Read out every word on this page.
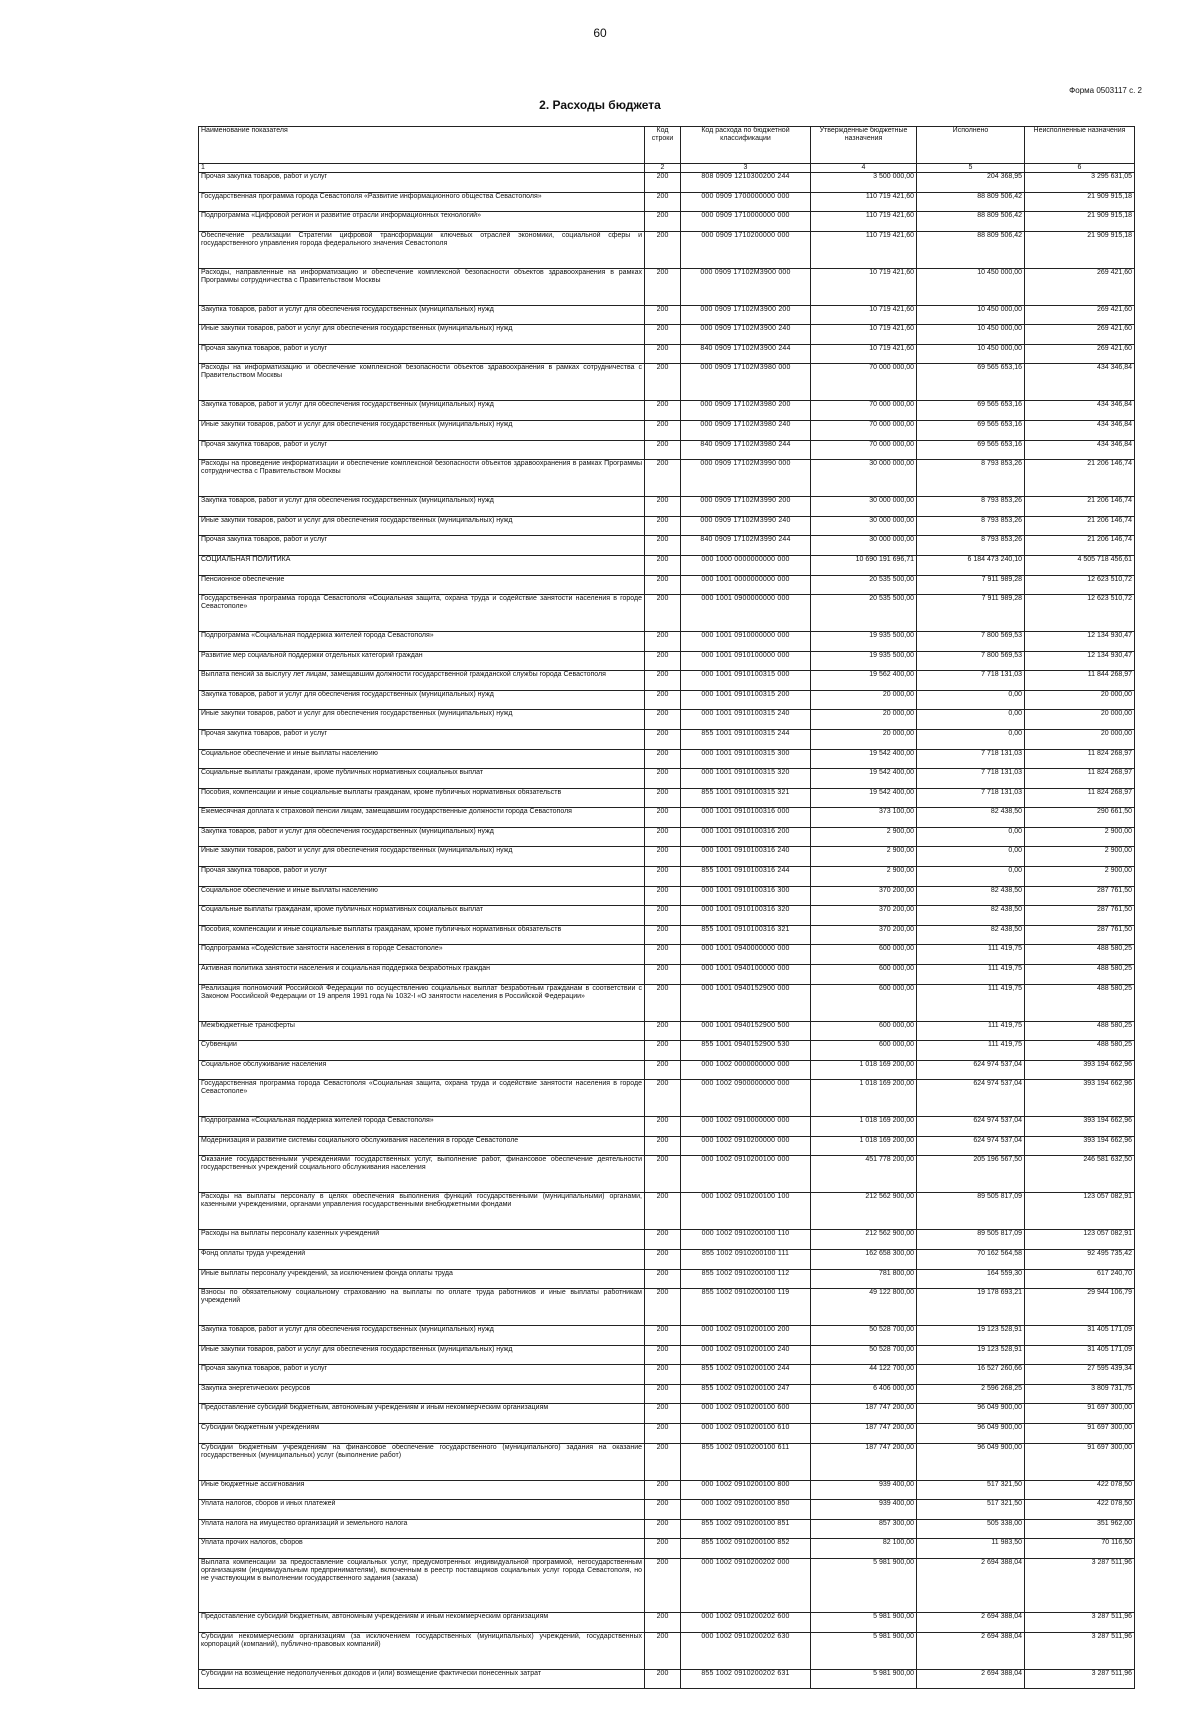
60
Форма 0503117 с. 2
2. Расходы бюджета
Наименование показателя	Код строки	Код расхода по бюджетной классификации	Утвержденные бюджетные назначения	Исполнено	Неисполненные назначения
1	2	3	4	5	6
Прочая закупка товаров, работ и услуг	200	808 0909 1210300200 244	3 500 000,00	204 368,95	3 295 631,05
Государственная программа города Севастополя «Развитие информационного общества Севастополя»	200	000 0909 1700000000 000	110 719 421,60	88 809 506,42	21 909 915,18
Подпрограмма «Цифровой регион и развитие отрасли информационных технологий»	200	000 0909 1710000000 000	110 719 421,60	88 809 506,42	21 909 915,18
Обеспечение реализации Стратегии цифровой трансформации ключевых отраслей экономики, социальной сферы и государственного управления города федерального значения Севастополя	200	000 0909 1710200000 000	110 719 421,60	88 809 506,42	21 909 915,18
Расходы, направленные на информатизацию и обеспечение комплексной безопасности объектов здравоохранения в рамках Программы сотрудничества с Правительством Москвы	200	000 0909 17102M3900 000	10 719 421,60	10 450 000,00	269 421,60
Закупка товаров, работ и услуг для обеспечения государственных (муниципальных) нужд	200	000 0909 17102M3900 200	10 719 421,60	10 450 000,00	269 421,60
Иные закупки товаров, работ и услуг для обеспечения государственных (муниципальных) нужд	200	000 0909 17102M3900 240	10 719 421,60	10 450 000,00	269 421,60
Прочая закупка товаров, работ и услуг	200	840 0909 17102M3900 244	10 719 421,60	10 450 000,00	269 421,60
Расходы на информатизацию и обеспечение комплексной безопасности объектов здравоохранения в рамках сотрудничества с Правительством Москвы	200	000 0909 17102M3980 000	70 000 000,00	69 565 653,16	434 346,84
Закупка товаров, работ и услуг для обеспечения государственных (муниципальных) нужд	200	000 0909 17102M3980 200	70 000 000,00	69 565 653,16	434 346,84
Иные закупки товаров, работ и услуг для обеспечения государственных (муниципальных) нужд	200	000 0909 17102M3980 240	70 000 000,00	69 565 653,16	434 346,84
Прочая закупка товаров, работ и услуг	200	840 0909 17102M3980 244	70 000 000,00	69 565 653,16	434 346,84
Расходы на проведение информатизации и обеспечение комплексной безопасности объектов здравоохранения в рамках Программы сотрудничества с Правительством Москвы	200	000 0909 17102M3990 000	30 000 000,00	8 793 853,26	21 206 146,74
Закупка товаров, работ и услуг для обеспечения государственных (муниципальных) нужд	200	000 0909 17102M3990 200	30 000 000,00	8 793 853,26	21 206 146,74
Иные закупки товаров, работ и услуг для обеспечения государственных (муниципальных) нужд	200	000 0909 17102M3990 240	30 000 000,00	8 793 853,26	21 206 146,74
Прочая закупка товаров, работ и услуг	200	840 0909 17102M3990 244	30 000 000,00	8 793 853,26	21 206 146,74
СОЦИАЛЬНАЯ ПОЛИТИКА	200	000 1000 0000000000 000	10 690 191 696,71	6 184 473 240,10	4 505 718 456,61
Пенсионное обеспечение	200	000 1001 0000000000 000	20 535 500,00	7 911 989,28	12 623 510,72
Государственная программа города Севастополя «Социальная защита, охрана труда и содействие занятости населения в городе Севастополе»	200	000 1001 0900000000 000	20 535 500,00	7 911 989,28	12 623 510,72
Подпрограмма «Социальная поддержка жителей города Севастополя»	200	000 1001 0910000000 000	19 935 500,00	7 800 569,53	12 134 930,47
Развитие мер социальной поддержки отдельных категорий граждан	200	000 1001 0910100000 000	19 935 500,00	7 800 569,53	12 134 930,47
Выплата пенсий за выслугу лет лицам, замещавшим должности государственной гражданской службы города Севастополя	200	000 1001 0910100315 000	19 562 400,00	7 718 131,03	11 844 268,97
Закупка товаров, работ и услуг для обеспечения государственных (муниципальных) нужд	200	000 1001 0910100315 200	20 000,00	0,00	20 000,00
Иные закупки товаров, работ и услуг для обеспечения государственных (муниципальных) нужд	200	000 1001 0910100315 240	20 000,00	0,00	20 000,00
Прочая закупка товаров, работ и услуг	200	855 1001 0910100315 244	20 000,00	0,00	20 000,00
Социальное обеспечение и иные выплаты населению	200	000 1001 0910100315 300	19 542 400,00	7 718 131,03	11 824 268,97
Социальные выплаты гражданам, кроме публичных нормативных социальных выплат	200	000 1001 0910100315 320	19 542 400,00	7 718 131,03	11 824 268,97
Пособия, компенсации и иные социальные выплаты гражданам, кроме публичных нормативных обязательств	200	855 1001 0910100315 321	19 542 400,00	7 718 131,03	11 824 268,97
Ежемесячная доплата к страховой пенсии лицам, замещавшим государственные должности города Севастополя	200	000 1001 0910100316 000	373 100,00	82 438,50	290 661,50
Закупка товаров, работ и услуг для обеспечения государственных (муниципальных) нужд	200	000 1001 0910100316 200	2 900,00	0,00	2 900,00
Иные закупки товаров, работ и услуг для обеспечения государственных (муниципальных) нужд	200	000 1001 0910100316 240	2 900,00	0,00	2 900,00
Прочая закупка товаров, работ и услуг	200	855 1001 0910100316 244	2 900,00	0,00	2 900,00
Социальное обеспечение и иные выплаты населению	200	000 1001 0910100316 300	370 200,00	82 438,50	287 761,50
Социальные выплаты гражданам, кроме публичных нормативных социальных выплат	200	000 1001 0910100316 320	370 200,00	82 438,50	287 761,50
Пособия, компенсации и иные социальные выплаты гражданам, кроме публичных нормативных обязательств	200	855 1001 0910100316 321	370 200,00	82 438,50	287 761,50
Подпрограмма «Содействие занятости населения в городе Севастополе»	200	000 1001 0940000000 000	600 000,00	111 419,75	488 580,25
Активная политика занятости населения и социальная поддержка безработных граждан	200	000 1001 0940100000 000	600 000,00	111 419,75	488 580,25
Реализация полномочий Российской Федерации по осуществлению социальных выплат безработным гражданам в соответствии с Законом Российской Федерации от 19 апреля 1991 года № 1032-I «О занятости населения в Российской Федерации»	200	000 1001 0940152900 000	600 000,00	111 419,75	488 580,25
Межбюджетные трансферты	200	000 1001 0940152900 500	600 000,00	111 419,75	488 580,25
Субвенции	200	855 1001 0940152900 530	600 000,00	111 419,75	488 580,25
Социальное обслуживание населения	200	000 1002 0000000000 000	1 018 169 200,00	624 974 537,04	393 194 662,96
Государственная программа города Севастополя «Социальная защита, охрана труда и содействие занятости населения в городе Севастополе»	200	000 1002 0900000000 000	1 018 169 200,00	624 974 537,04	393 194 662,96
Подпрограмма «Социальная поддержка жителей города Севастополя»	200	000 1002 0910000000 000	1 018 169 200,00	624 974 537,04	393 194 662,96
Модернизация и развитие системы социального обслуживания населения в городе Севастополе	200	000 1002 0910200000 000	1 018 169 200,00	624 974 537,04	393 194 662,96
Оказание государственными учреждениями государственных услуг, выполнение работ, финансовое обеспечение деятельности государственных учреждений социального обслуживания населения	200	000 1002 0910200100 000	451 778 200,00	205 196 567,50	246 581 632,50
Расходы на выплаты персоналу в целях обеспечения выполнения функций государственными (муниципальными) органами, казенными учреждениями, органами управления государственными внебюджетными фондами	200	000 1002 0910200100 100	212 562 900,00	89 505 817,09	123 057 082,91
Расходы на выплаты персоналу казенных учреждений	200	000 1002 0910200100 110	212 562 900,00	89 505 817,09	123 057 082,91
Фонд оплаты труда учреждений	200	855 1002 0910200100 111	162 658 300,00	70 162 564,58	92 495 735,42
Иные выплаты персоналу учреждений, за исключением фонда оплаты труда	200	855 1002 0910200100 112	781 800,00	164 559,30	617 240,70
Взносы по обязательному социальному страхованию на выплаты по оплате труда работников и иные выплаты работникам учреждений	200	855 1002 0910200100 119	49 122 800,00	19 178 693,21	29 944 106,79
Закупка товаров, работ и услуг для обеспечения государственных (муниципальных) нужд	200	000 1002 0910200100 200	50 528 700,00	19 123 528,91	31 405 171,09
Иные закупки товаров, работ и услуг для обеспечения государственных (муниципальных) нужд	200	000 1002 0910200100 240	50 528 700,00	19 123 528,91	31 405 171,09
Прочая закупка товаров, работ и услуг	200	855 1002 0910200100 244	44 122 700,00	16 527 260,66	27 595 439,34
Закупка энергетических ресурсов	200	855 1002 0910200100 247	6 406 000,00	2 596 268,25	3 809 731,75
Предоставление субсидий бюджетным, автономным учреждениям и иным некоммерческим организациям	200	000 1002 0910200100 600	187 747 200,00	96 049 900,00	91 697 300,00
Субсидии бюджетным учреждениям	200	000 1002 0910200100 610	187 747 200,00	96 049 900,00	91 697 300,00
Субсидии бюджетным учреждениям на финансовое обеспечение государственного (муниципального) задания на оказание государственных (муниципальных) услуг (выполнение работ)	200	855 1002 0910200100 611	187 747 200,00	96 049 900,00	91 697 300,00
Иные бюджетные ассигнования	200	000 1002 0910200100 800	939 400,00	517 321,50	422 078,50
Уплата налогов, сборов и иных платежей	200	000 1002 0910200100 850	939 400,00	517 321,50	422 078,50
Уплата налога на имущество организаций и земельного налога	200	855 1002 0910200100 851	857 300,00	505 338,00	351 962,00
Уплата прочих налогов, сборов	200	855 1002 0910200100 852	82 100,00	11 983,50	70 116,50
Выплата компенсации за предоставление социальных услуг, предусмотренных индивидуальной программой, негосударственным организациям (индивидуальным предпринимателям), включенным в реестр поставщиков социальных услуг города Севастополя, но не участвующим в выполнении государственного задания (заказа)	200	000 1002 0910200202 000	5 981 900,00	2 694 388,04	3 287 511,96
Предоставление субсидий бюджетным, автономным учреждениям и иным некоммерческим организациям	200	000 1002 0910200202 600	5 981 900,00	2 694 388,04	3 287 511,96
Субсидии некоммерческим организациям (за исключением государственных (муниципальных) учреждений, государственных корпораций (компаний), публично-правовых компаний)	200	000 1002 0910200202 630	5 981 900,00	2 694 388,04	3 287 511,96
Субсидии на возмещение недополученных доходов и (или) возмещение фактически понесенных затрат	200	855 1002 0910200202 631	5 981 900,00	2 694 388,04	3 287 511,96
